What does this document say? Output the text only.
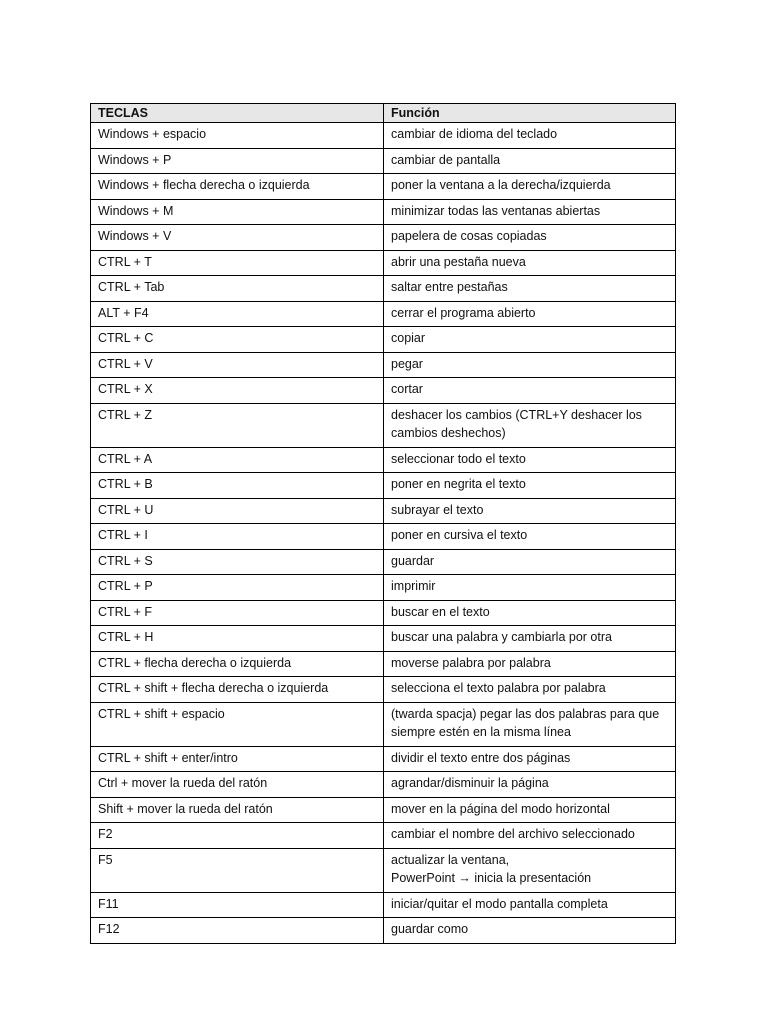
TECLAS	Función
Windows + espacio	cambiar de idioma del teclado
Windows + P	cambiar de pantalla
Windows + flecha derecha o izquierda	poner la ventana a la derecha/izquierda
Windows + M	minimizar todas las ventanas abiertas
Windows + V	papelera de cosas copiadas
CTRL + T	abrir una pestaña nueva
CTRL + Tab	saltar entre pestañas
ALT + F4	cerrar el programa abierto
CTRL + C	copiar
CTRL + V	pegar
CTRL + X	cortar
CTRL + Z	deshacer los cambios (CTRL+Y deshacer los cambios deshechos)
CTRL + A	seleccionar todo el texto
CTRL + B	poner en negrita el texto
CTRL + U	subrayar el texto
CTRL + I	poner en cursiva el texto
CTRL + S	guardar
CTRL + P	imprimir
CTRL + F	buscar en el texto
CTRL + H	buscar una palabra y cambiarla por otra
CTRL + flecha derecha o izquierda	moverse palabra por palabra
CTRL + shift + flecha derecha o izquierda	selecciona el texto palabra por palabra
CTRL + shift + espacio	(twarda spacja) pegar las dos palabras para que siempre estén en la misma línea
CTRL + shift + enter/intro	dividir el texto entre dos páginas
Ctrl + mover la rueda del ratón	agrandar/disminuir la página
Shift + mover la rueda del ratón	mover en la página del modo horizontal
F2	cambiar el nombre del archivo seleccionado
F5	actualizar la ventana,
PowerPoint → inicia la presentación
F11	iniciar/quitar el modo pantalla completa
F12	guardar como
